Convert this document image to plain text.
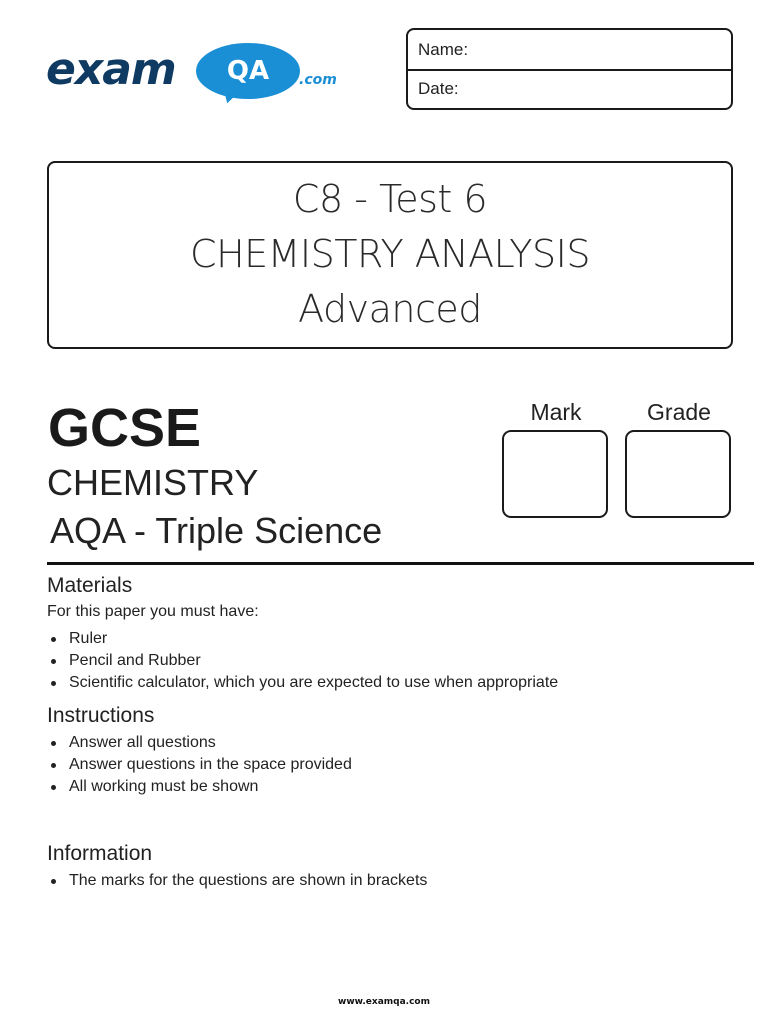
exam	QA	.com
Name:
Date:
C8 - Test 6
CHEMISTRY ANALYSIS
Advanced
GCSE
CHEMISTRY
AQA - Triple Science
Mark	Grade
Materials
For this paper you must have:
Ruler
Pencil and Rubber
Scientific calculator, which you are expected to use when appropriate
Instructions
Answer all questions
Answer questions in the space provided
All working must be shown
Information
The marks for the questions are shown in brackets
www.examqa.com
